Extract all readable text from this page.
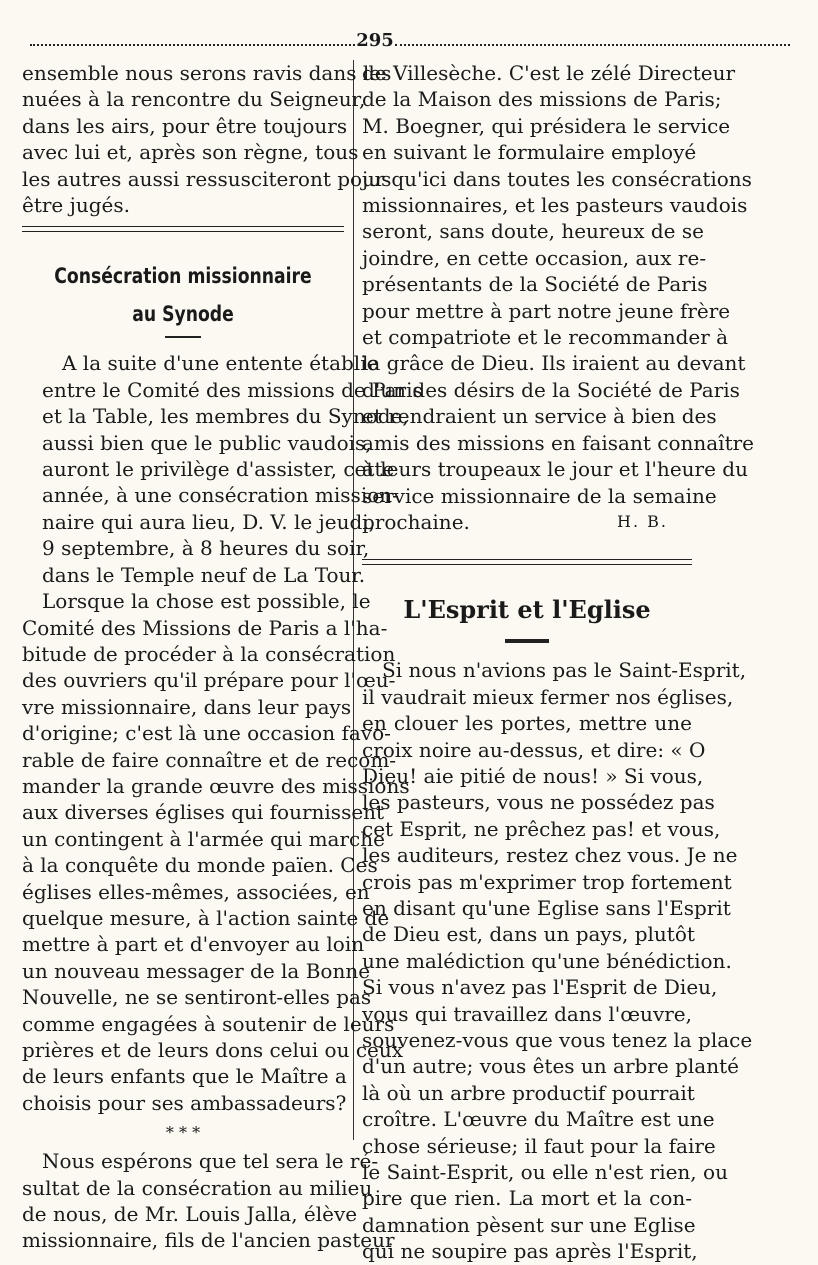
295

ensemble nous serons ravis dans les
nuées à la rencontre du Seigneur,
dans les airs, pour être toujours
avec lui et, après son règne, tous
les autres aussi ressusciteront pour
être jugés.

Consécration missionnaire
au Synode

A la suite d'une entente établie
entre le Comité des missions de Paris
et la Table, les membres du Synode,
aussi bien que le public vaudois,
auront le privilège d'assister, cette
année, à une consécration mission-
naire qui aura lieu, D. V. le jeudi,
9 septembre, à 8 heures du soir,
dans le Temple neuf de La Tour.

Lorsque la chose est possible, le
Comité des Missions de Paris a l'ha-
bitude de procéder à la consécration
des ouvriers qu'il prépare pour l'œu-
vre missionnaire, dans leur pays
d'origine; c'est là une occasion favo-
rable de faire connaître et de recom-
mander la grande œuvre des missions
aux diverses églises qui fournissent
un contingent à l'armée qui marche
à la conquête du monde païen. Ces
églises elles-mêmes, associées, en
quelque mesure, à l'action sainte de
mettre à part et d'envoyer au loin
un nouveau messager de la Bonne
Nouvelle, ne se sentiront-elles pas
comme engagées à soutenir de leurs
prières et de leurs dons celui ou ceux
de leurs enfants que le Maître a
choisis pour ses ambassadeurs?

* * *

Nous espérons que tel sera le ré-
sultat de la consécration au milieu
de nous, de Mr. Louis Jalla, élève
missionnaire, fils de l'ancien pasteur

de Villesèche. C'est le zélé Directeur
de la Maison des missions de Paris;
M. Boegner, qui présidera le service
en suivant le formulaire employé
jusqu'ici dans toutes les consécrations
missionnaires, et les pasteurs vaudois
seront, sans doute, heureux de se
joindre, en cette occasion, aux re-
présentants de la Société de Paris
pour mettre à part notre jeune frère
et compatriote et le recommander à
la grâce de Dieu. Ils iraient au devant
d'un des désirs de la Société de Paris
et rendraient un service à bien des
amis des missions en faisant connaître
à leurs troupeaux le jour et l'heure du
service missionnaire de la semaine
prochaine.	H. B.

L'Esprit et l'Eglise

Si nous n'avions pas le Saint-Esprit,
il vaudrait mieux fermer nos églises,
en clouer les portes, mettre une
croix noire au-dessus, et dire: « O
Dieu! aie pitié de nous! » Si vous,
les pasteurs, vous ne possédez pas
cet Esprit, ne prêchez pas! et vous,
les auditeurs, restez chez vous. Je ne
crois pas m'exprimer trop fortement
en disant qu'une Eglise sans l'Esprit
de Dieu est, dans un pays, plutôt
une malédiction qu'une bénédiction.
Si vous n'avez pas l'Esprit de Dieu,
vous qui travaillez dans l'œuvre,
souvenez-vous que vous tenez la place
d'un autre; vous êtes un arbre planté
là où un arbre productif pourrait
croître. L'œuvre du Maître est une
chose sérieuse; il faut pour la faire
le Saint-Esprit, ou elle n'est rien, ou
pire que rien. La mort et la con-
damnation pèsent sur une Eglise
qui ne soupire pas après l'Esprit,
